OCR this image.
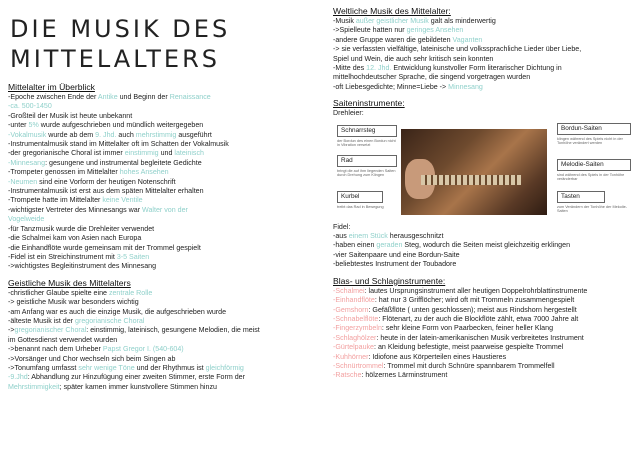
DIE MUSIK DES
MITTELALTERS
Mittelalter im Überblick
-Epoche zwischen Ende der Antike und Beginn der Renaissance
-ca. 500-1450
-Großteil der Musik ist heute unbekannt
-unter 5% wurde aufgeschrieben und mündlich weitergegeben
-Vokalmusik wurde ab dem 9. Jhd. auch mehrstimmig ausgeführt
-Instrumentalmusik stand im Mittelalter oft im Schatten der Vokalmusik
-der gregorianische Choral ist immer einstimmig und lateinisch
-Minnesang: gesungene und instrumental begleitete Gedichte
-Trompeter genossen im Mittelalter hohes Ansehen
-Neumen sind eine Vorform der heutigen Notenschrift
-Instrumentalmusik ist erst aus dem späten Mittelalter erhalten
-Trompete hatte im Mittelalter keine Ventile
-wichtigster Vertreter des Minnesangs war Walter von der
Vogelweide
-für Tanzmusik wurde die Drehleiter verwendet
-die Schalmei kam von Asien nach Europa
-die Einhandflöte wurde gemeinsam mit der Trommel gespielt
-Fidel ist ein Streichinstrument mit 3-5 Saiten
->wichtigstes Begleitinstrument des Minnesang
Geistliche Musik des Mittelalters
-christlicher Glaube spielte eine zentrale Rolle
-> geistliche Musik war besonders wichtig
-am Anfang war es auch die einzige Musik, die aufgeschrieben wurde
-älteste Musik ist der gregorianische Choral
->gregorianischer Choral: einstimmig, lateinisch, gesungene Melodien, die meist
im Gottesdienst verwendet wurden
->benannt nach dem Urheber Papst Gregor I. (540-604)
->Vorsänger und Chor wechseln sich beim Singen ab
->Tonumfang umfasst sehr wenige Töne und der Rhythmus ist gleichförmig
-9.Jhd: Abhandlung zur Hinzufügung einer zweiten Stimmer, erste Form der
Mehrstimmigkeit; später kamen immer kunstvollere Stimmen hinzu
Weltliche Musik des Mittelalter:
-Musik außer geistlicher Musik galt als minderwertig
->Spielleute hatten nur geringes Ansehen
-andere Gruppe waren die gebildeten Vaganten
-> sie verfassten vielfältige, lateinische und volkssprachliche Lieder über Liebe,
Spiel und Wein, die auch sehr kritisch sein konnten
-Mitte des 12. Jhd. Entwicklung kunstvoller Form literarischer Dichtung in
mittelhochdeutscher Sprache, die singend vorgetragen wurden
-oft Liebesgedichte; Minne=Liebe -> Minnesang
Saiteninstrumente:
Drehleier:
Schnarrsteg
der Bordun des einen Bordun nicht in Vibration versetzt
Rad
bringt die auf ihm liegenden Saiten durch Drehung zum Klingen
Kurbel
treibt das Rad in Bewegung
Bordun-Saiten
klingen während des Spiels nicht in der Tonhöhe verändert werden
Melodie-Saiten
sind während des Spiels in der Tonhöhe veränderbar
Tasten
zum Verändern der Tonhöhe der Melodie-Saiten
Fidel:
-aus einem Stück herausgeschnitzt
-haben einen geraden Steg, wodurch die Seiten meist gleichzeitig erklingen
-vier Saitenpaare und eine Bordun-Saite
-beliebtestes Instrument der Toubadore
Blas- und Schlaginstrumente:
-Schalmei: lautes Ursprungsinstrument aller heutigen Doppelrohrblattinstrumente
-Einhandflöte: hat nur 3 Grifflöcher; wird oft mit Trommeln zusammengespielt
-Gemshorn: Gefäßflöte ( unten geschlossen); meist aus Rindshorn hergestellt
-Schnabelflöte: Flötenart, zu der auch die Blockflöte zählt, etwa 7000 Jahre alt
-Fingerzymbeln: sehr kleine Form von Paarbecken, feiner heller Klang
-Schlaghölzer: heute in der latein-amerikanischen Musik verbreitetes Instrument
-Gürtelpauke: an Kleidung befestigte, meist paarweise gespielte Trommel
-Kuhhörner: Idiofone aus Körperteilen eines Haustieres
-Schnürtrommel: Trommel mit durch Schnüre spannbarem Trommelfell
-Ratsche: hölzernes Lärminstrument
